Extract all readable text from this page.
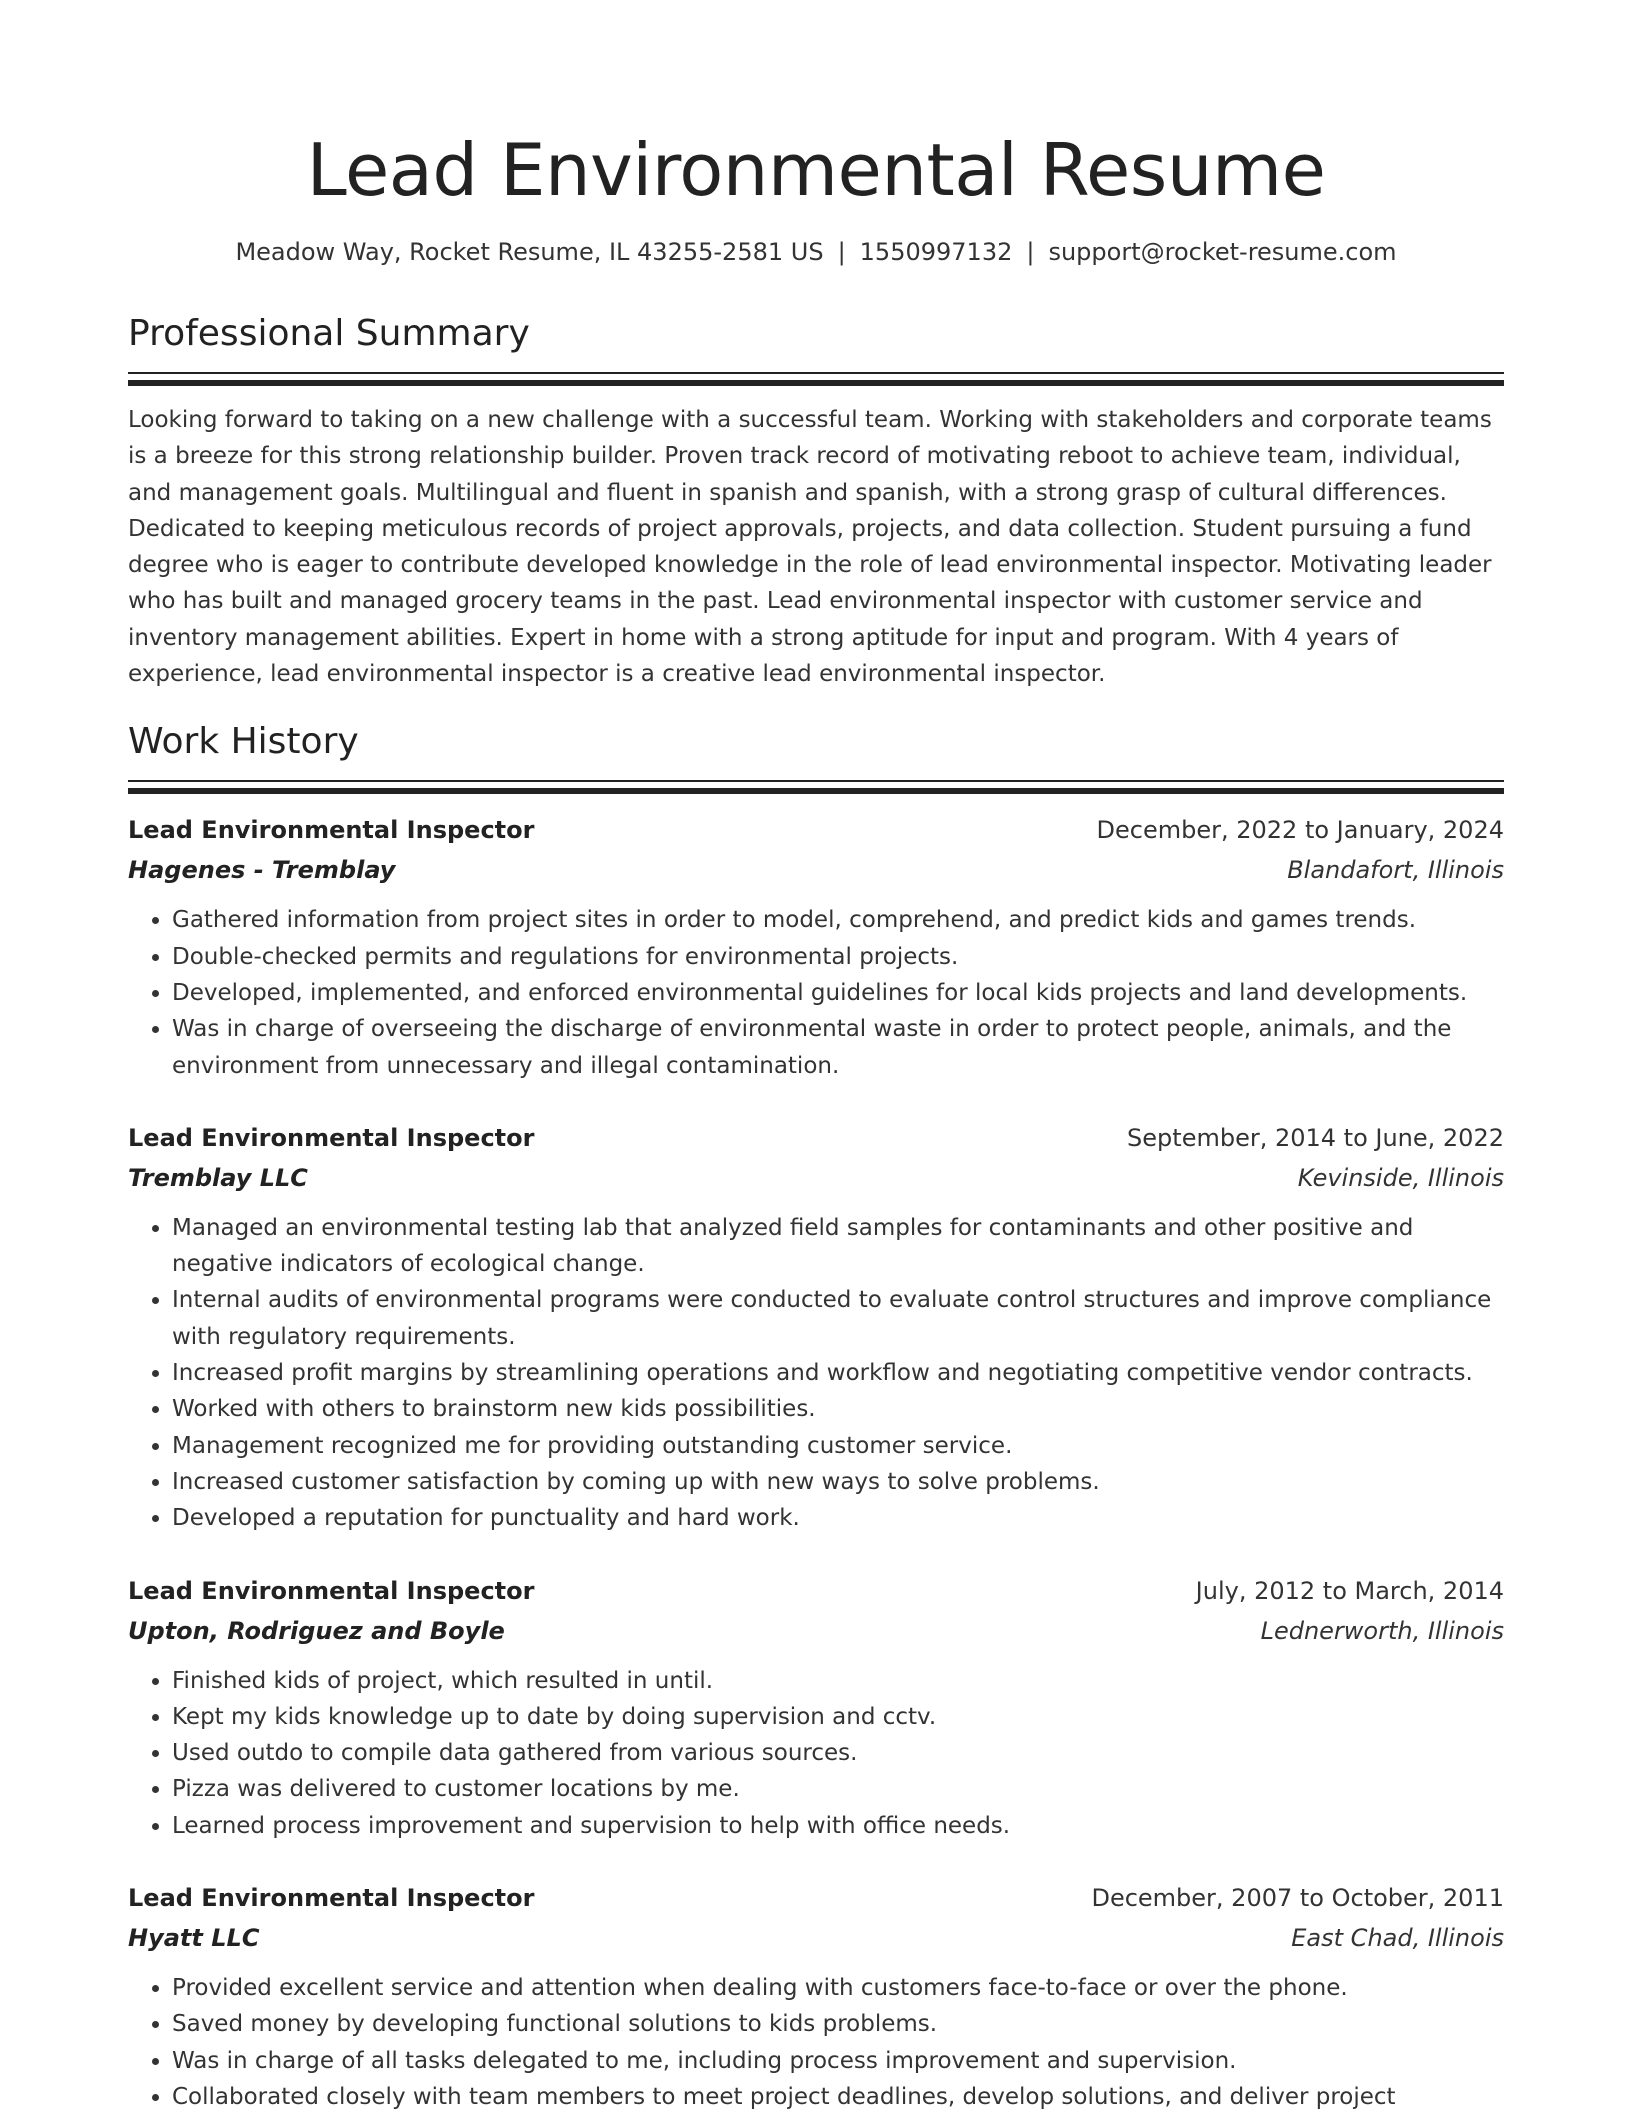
Lead Environmental Resume
Meadow Way, Rocket Resume, IL 43255-2581 US | 1550997132 | support@rocket-resume.com
Professional Summary

Looking forward to taking on a new challenge with a successful team. Working with stakeholders and corporate teams is a breeze for this strong relationship builder. Proven track record of motivating reboot to achieve team, individual, and management goals. Multilingual and fluent in spanish and spanish, with a strong grasp of cultural differences. Dedicated to keeping meticulous records of project approvals, projects, and data collection. Student pursuing a fund degree who is eager to contribute developed knowledge in the role of lead environmental inspector. Motivating leader who has built and managed grocery teams in the past. Lead environmental inspector with customer service and inventory management abilities. Expert in home with a strong aptitude for input and program. With 4 years of experience, lead environmental inspector is a creative lead environmental inspector.

Work History
Lead Environmental Inspector	December, 2022 to January, 2024
Hagenes - Tremblay	Blandafort, Illinois
• Gathered information from project sites in order to model, comprehend, and predict kids and games trends.
• Double-checked permits and regulations for environmental projects.
• Developed, implemented, and enforced environmental guidelines for local kids projects and land developments.
• Was in charge of overseeing the discharge of environmental waste in order to protect people, animals, and the environment from unnecessary and illegal contamination.
Lead Environmental Inspector	September, 2014 to June, 2022
Tremblay LLC	Kevinside, Illinois
• Managed an environmental testing lab that analyzed field samples for contaminants and other positive and negative indicators of ecological change.
• Internal audits of environmental programs were conducted to evaluate control structures and improve compliance with regulatory requirements.
• Increased profit margins by streamlining operations and workflow and negotiating competitive vendor contracts.
• Worked with others to brainstorm new kids possibilities.
• Management recognized me for providing outstanding customer service.
• Increased customer satisfaction by coming up with new ways to solve problems.
• Developed a reputation for punctuality and hard work.
Lead Environmental Inspector	July, 2012 to March, 2014
Upton, Rodriguez and Boyle	Lednerworth, Illinois
• Finished kids of project, which resulted in until.
• Kept my kids knowledge up to date by doing supervision and cctv.
• Used outdo to compile data gathered from various sources.
• Pizza was delivered to customer locations by me.
• Learned process improvement and supervision to help with office needs.
Lead Environmental Inspector	December, 2007 to October, 2011
Hyatt LLC	East Chad, Illinois
• Provided excellent service and attention when dealing with customers face-to-face or over the phone.
• Saved money by developing functional solutions to kids problems.
• Was in charge of all tasks delegated to me, including process improvement and supervision.
• Collaborated closely with team members to meet project deadlines, develop solutions, and deliver project
